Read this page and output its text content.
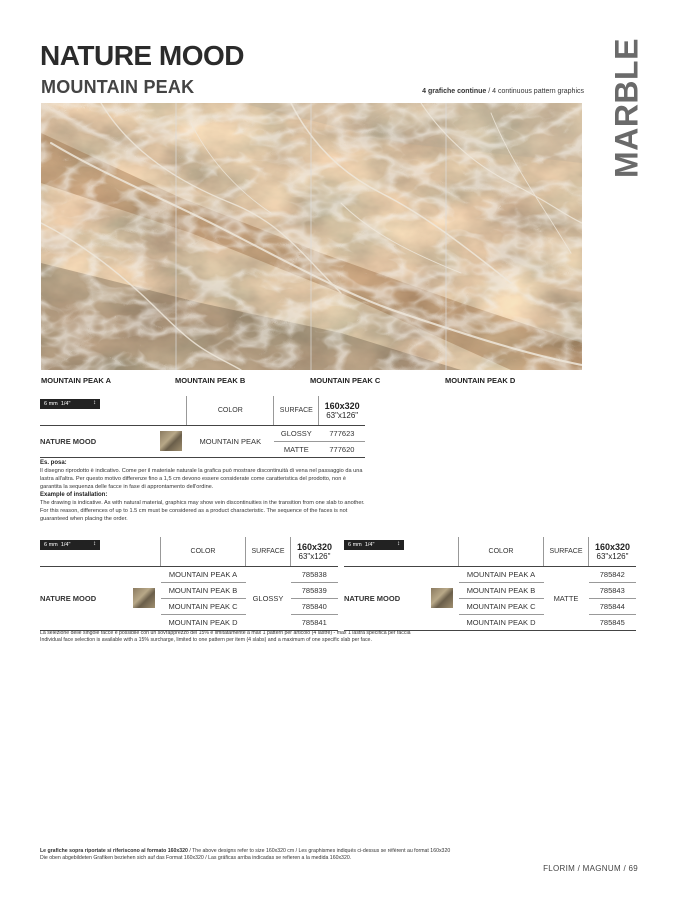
NATURE MOOD
MOUNTAIN PEAK	MARBLE
4 grafiche continue / 4 continuous pattern graphics
MOUNTAIN PEAK A	MOUNTAIN PEAK B	MOUNTAIN PEAK C	MOUNTAIN PEAK D
6 mm 1/4" ↕		COLOR	SURFACE	160x320
63"x126"

NATURE MOOD		MOUNTAIN PEAK	GLOSSY	777623
			MATTE	777620

Es. posa:

Il disegno riprodotto è indicativo. Come per il materiale naturale la grafica può mostrare discontinuità di vena nel passaggio da una lastra all'altra. Per questo motivo differenze fino a 1,5 cm devono essere considerate come caratteristica del prodotto, non è garantita la sequenza delle facce in fase di approntamento dell'ordine.

Example of installation:

The drawing is indicative. As with natural material, graphics may show vein discontinuities in the transition from one slab to another. For this reason, differences of up to 1.5 cm must be considered as a product characteristic. The sequence of the faces is not guaranteed when placing the order.

6 mm 1/4" ↕		COLOR	SURFACE	160x320
63"x126"

NATURE MOOD		MOUNTAIN PEAK A	GLOSSY	785838
		MOUNTAIN PEAK B		785839
		MOUNTAIN PEAK C		785840
		MOUNTAIN PEAK D		785841
6 mm 1/4" ↕		COLOR	SURFACE	160x320
63"x126"

NATURE MOOD		MOUNTAIN PEAK A	MATTE	785842
		MOUNTAIN PEAK B		785843
		MOUNTAIN PEAK C		785844
		MOUNTAIN PEAK D		785845

La selezione delle singole facce è possibile con un sovrapprezzo del 15% e limitatamente a max 1 pattern per articolo (4 lastre) - max 1 lastra specifica per faccia

Individual face selection is available with a 15% surcharge, limited to one pattern per item (4 slabs) and a maximum of one specific slab per face.

Le grafiche sopra riportate si riferiscono al formato 160x320 / The above designs refer to size 160x320 cm / Les graphismes indiqués ci-dessus se réfèrent au format 160x320

Die oben abgebildeten Grafiken beziehen sich auf das Format 160x320 / Las gráficas arriba indicadas se refieren a la medida 160x320.

FLORIM / MAGNUM / 69
